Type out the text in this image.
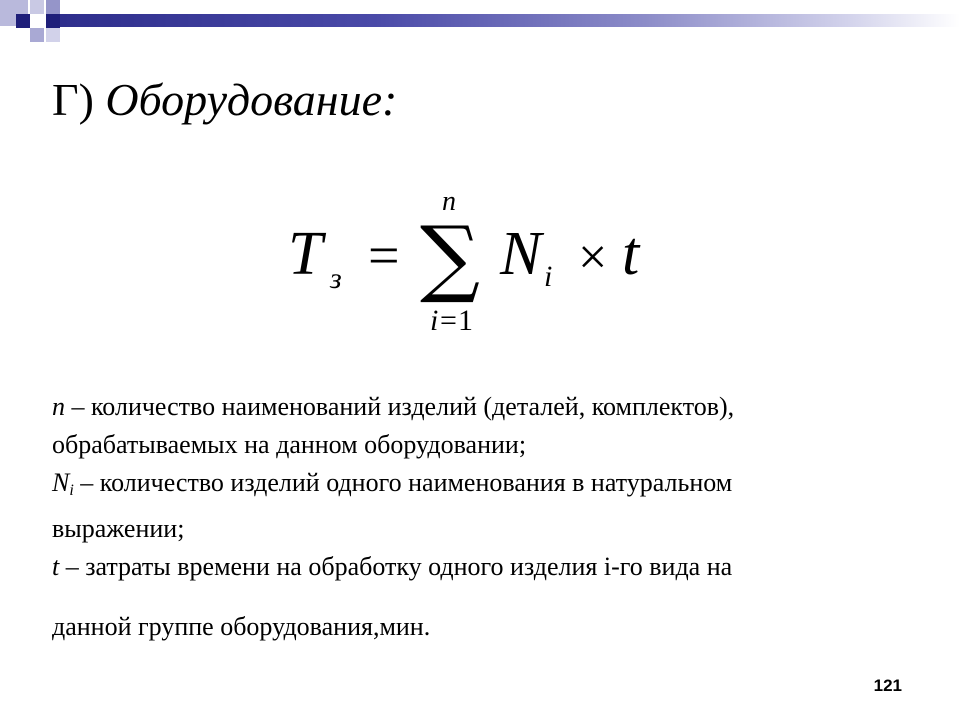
Г) Оборудование:
n
T з = ∑ N i × t
i = 1
n – количество наименований изделий (деталей, комплектов),
обрабатываемых на данном оборудовании;
$N_i$ – количество изделий одного наименования в натуральном
выражении;
t – затраты времени на обработку одного изделия i-го вида на
данной группе оборудования,мин.
121
